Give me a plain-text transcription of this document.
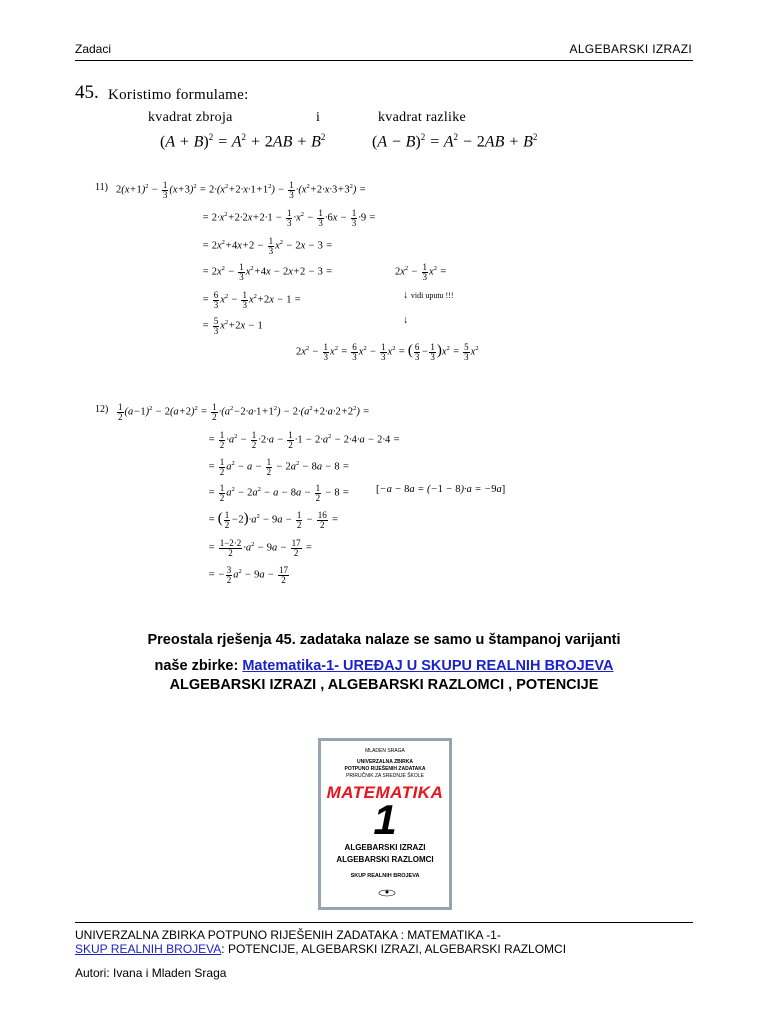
Zadaci	ALGEBARSKI IZRAZI
45. Koristimo formulame:
kvadrat zbroja	i	kvadrat razlike
$(A + B)^2 = A^2 + 2AB + B^2$	$(A - B)^2 = A^2 - 2AB + B^2$
11) $2(x+1)^2 - \frac{1}{3} (x+3)^2 = 2\cdot(x^2+2\cdot x\cdot 1+1^2) - \frac{1}{3} \cdot(x^2+2\cdot x\cdot 3+3^2)$ =
= $2\cdot x^2+2\cdot 2x+2\cdot 1 - \frac{1}{3} \cdot x^2 - \frac{1}{3} \cdot 6x - \frac{1}{3} \cdot 9$ =
= $2x^2+4x+2 - \frac{1}{3} x^2 - 2x - 3$ =
= $2x^2 - \frac{1}{3} x^2+4x - 2x+2 - 3$ =	$2x^2 - \frac{1}{3} x^2$ =
= $\frac{6}{3} x^2 - \frac{1}{3} x^2+2x - 1$ =	↓ vidi uputu !!!
= $\frac{5}{3} x^2+2x - 1$	↓
$2x^2 - \frac{1}{3} x^2 = \frac{6}{3} x^2 - \frac{1}{3} x^2$ = ( $\frac{6}{3} - \frac{1}{3} )x^2 = \frac{5}{3} x^2$
$12) \frac{1}{2} (a-1)^2 - 2(a+2)^2 = \frac{1}{2} \cdot(a^2-2\cdot a\cdot 1+1^2) - 2\cdot(a^2+2\cdot a\cdot 2+2^2)$ =
= $\frac{1}{2} \cdot a^2 - \frac{1}{2} \cdot 2\cdot a - \frac{1}{2} \cdot 1 - 2\cdot a^2 - 2\cdot 4\cdot a - 2\cdot 4$ =
= $\frac{1}{2} a^2 - a - \frac{1}{2} - 2a^2 - 8a - 8$ =
= $\frac{1}{2} a^2 - 2a^2 - a - 8a - \frac{1}{2} - 8$ =	[−a − 8a = (−1 − 8)·a = −9a]
= ( $\frac{1}{2} -2)\cdot a^2 - 9a - \frac{1}{2} - \frac{16}{2}$ =
= $\frac{1-2\cdot 2}{2} \cdot a^2 - 9a - \frac{17}{2}$ =
= − $\frac{3}{2} a^2 - 9a - \frac{17}{2}$
Preostala rješenja 45. zadataka nalaze se samo u štampanoj varijanti
naše zbirke: Matematika-1- UREĐAJ U SKUPU REALNIH BROJEVA
ALGEBARSKI IZRAZI , ALGEBARSKI RAZLOMCI , POTENCIJE
MLADEN SRAGA
UNIVERZALNA ZBIRKA
POTPUNO RIJEŠENIH ZADATAKA
PRIRUČNIK ZA SREDNJE ŠKOLE
MATEMATIKA
1
ALGEBARSKI IZRAZI
ALGEBARSKI RAZLOMCI
SKUP REALNIH BROJEVA
UNIVERZALNA ZBIRKA POTPUNO RIJEŠENIH ZADATAKA : MATEMATIKA -1-
SKUP REALNIH BROJEVA: POTENCIJE, ALGEBARSKI IZRAZI, ALGEBARSKI RAZLOMCI
Autori: Ivana i Mladen Sraga
